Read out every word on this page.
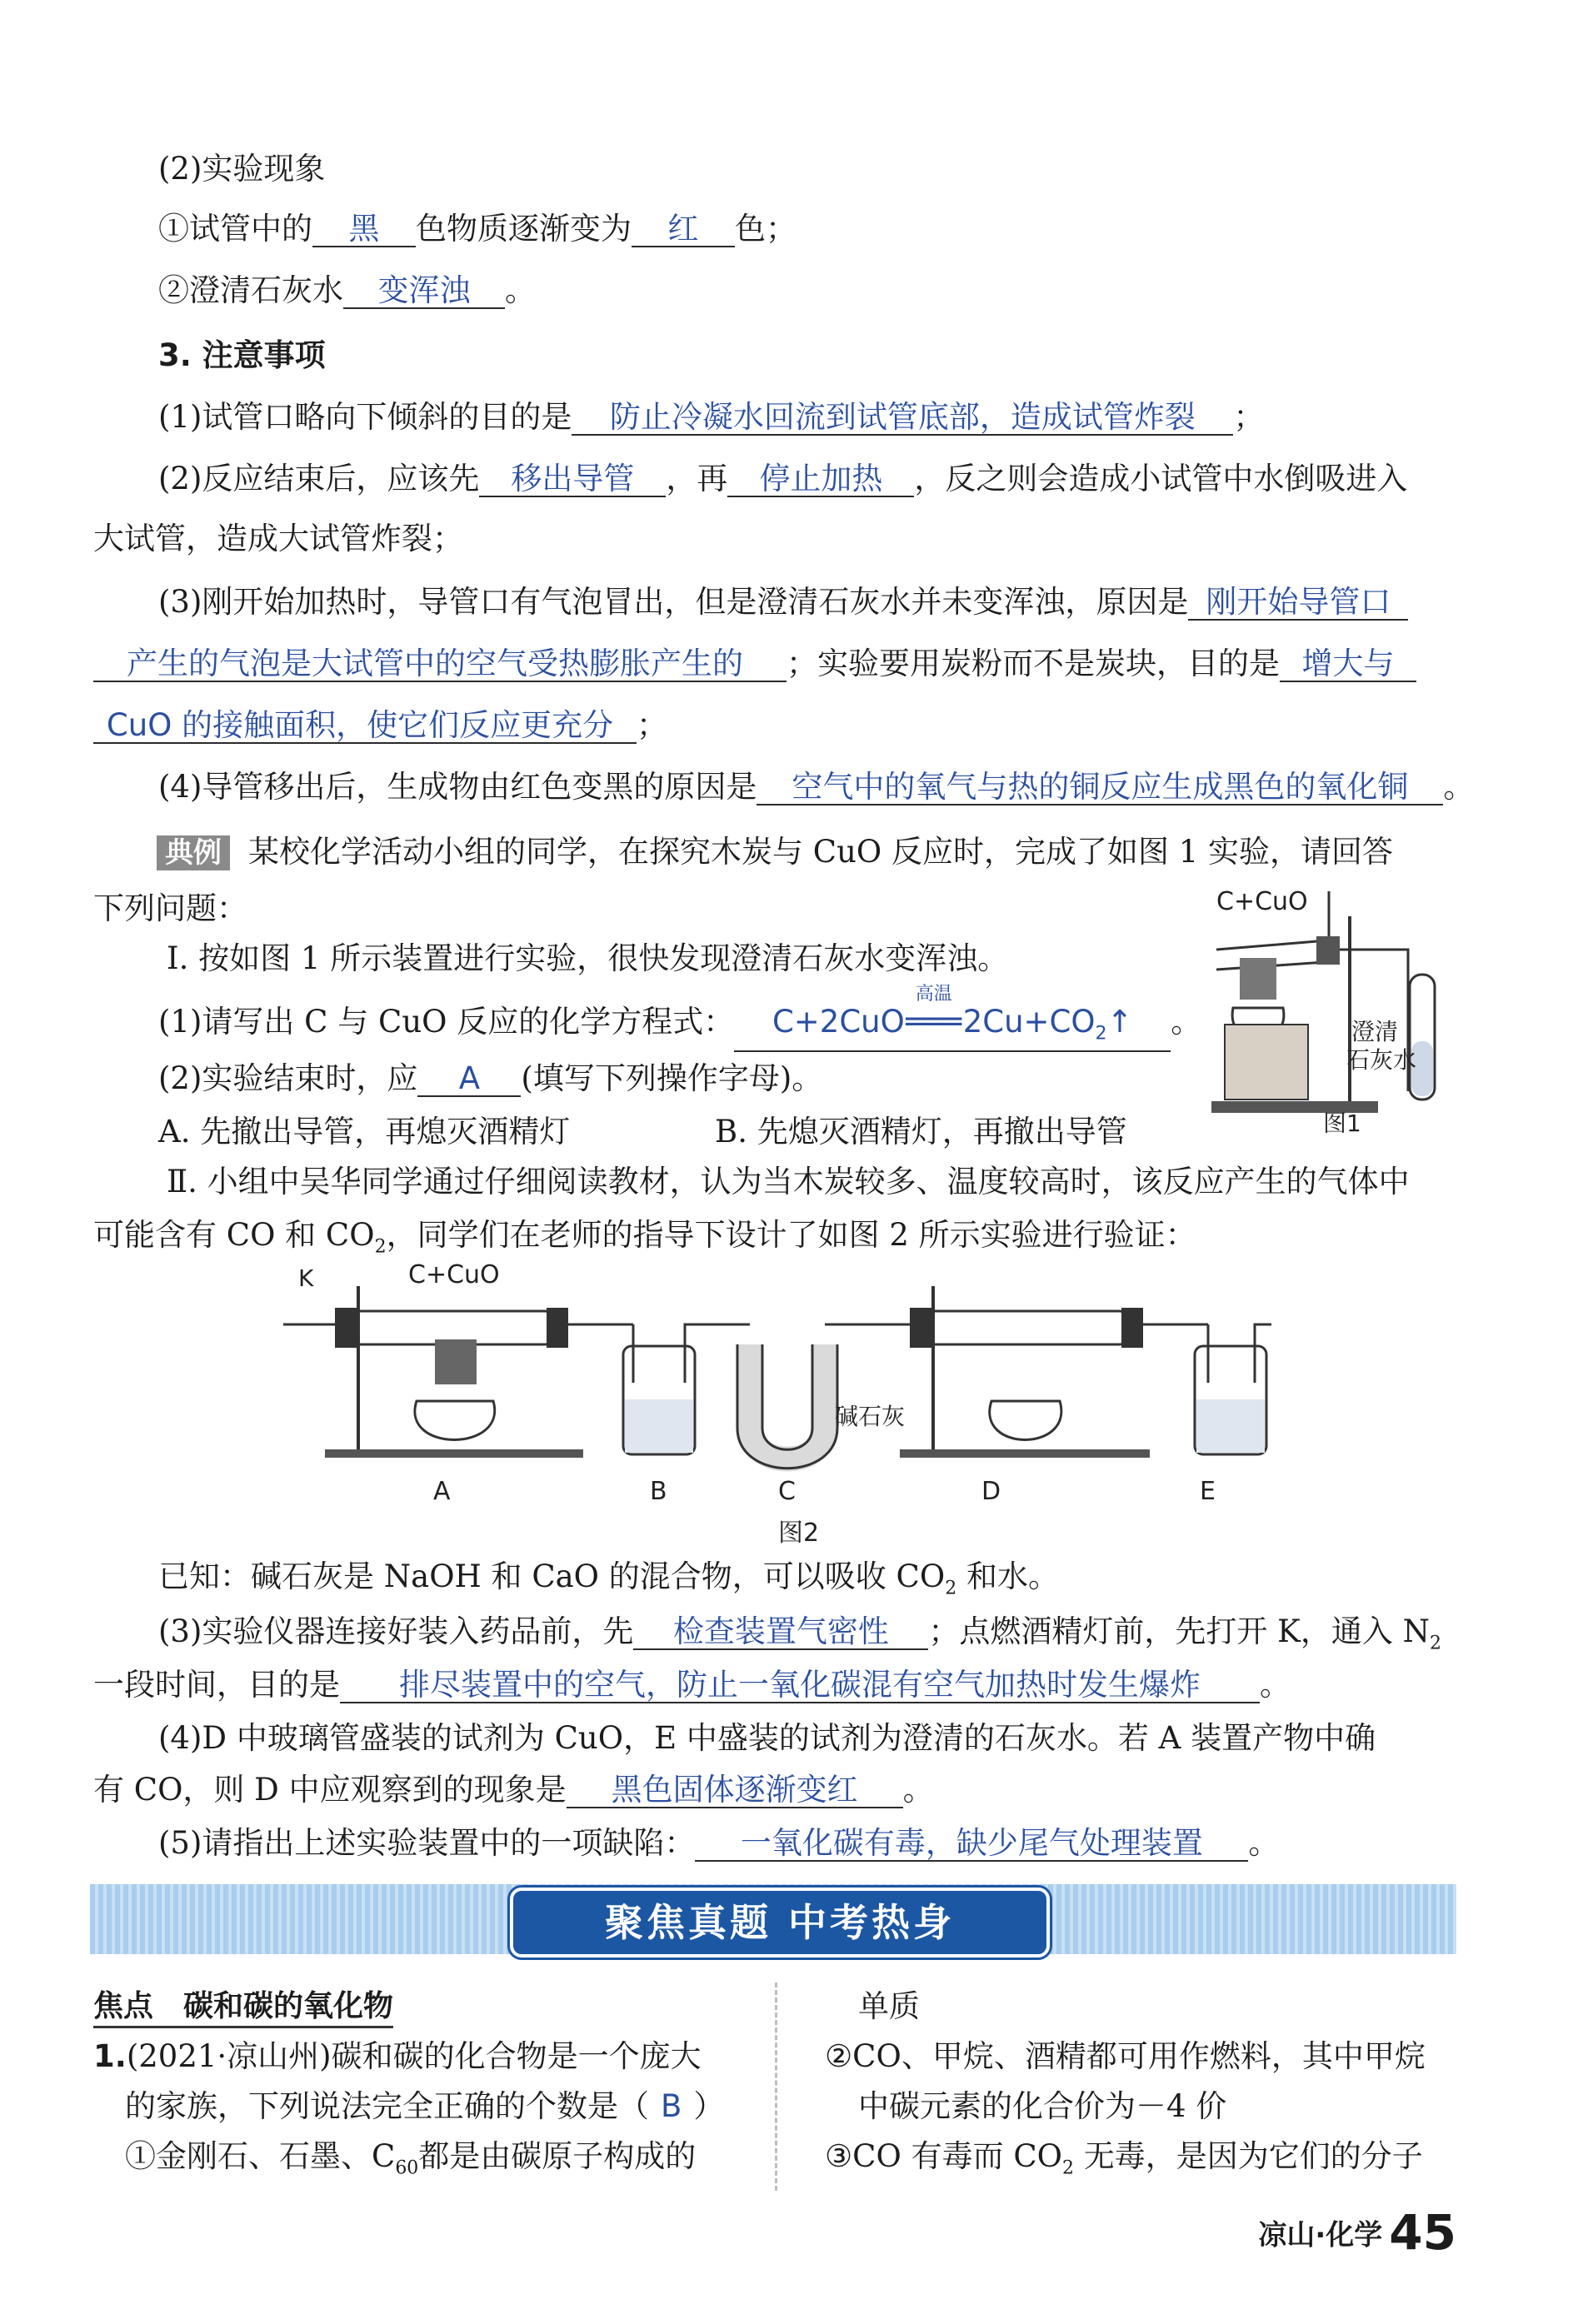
(2)实验现象
①试管中的 黑 色物质逐渐变为 红 色；
②澄清石灰水 变浑浊 。
3. 注意事项
(1)试管口略向下倾斜的目的是 防止冷凝水回流到试管底部，造成试管炸裂 ；
(2)反应结束后，应该先 移出导管 ，再 停止加热 ，反之则会造成小试管中水倒吸进入
大试管，造成大试管炸裂；
(3)刚开始加热时，导管口有气泡冒出，但是澄清石灰水并未变浑浊，原因是 刚开始导管口
产生的气泡是大试管中的空气受热膨胀产生的 ；实验要用炭粉而不是炭块，目的是 增大与
CuO 的接触面积，使它们反应更充分 ；
(4)导管移出后，生成物由红色变黑的原因是 空气中的氧气与热的铜反应生成黑色的氧化铜 。
典例 某校化学活动小组的同学，在探究木炭与 CuO 反应时，完成了如图 1 实验，请回答
下列问题：
Ⅰ. 按如图 1 所示装置进行实验，很快发现澄清石灰水变浑浊。
(1)请写出 C 与 CuO 反应的化学方程式： C+2CuO
高温
$═══2Cu+CO_2↑$ 。
(2)实验结束时，应 A (填写下列操作字母)。
A. 先撤出导管，再熄灭酒精灯	B. 先熄灭酒精灯，再撤出导管
Ⅱ. 小组中吴华同学通过仔细阅读教材，认为当木炭较多、温度较高时，该反应产生的气体中
可能含有 CO 和 $CO_2$，同学们在老师的指导下设计了如图 2 所示实验进行验证：
C+CuO
澄清
石灰水
图1
K	C+CuO
碱石灰
A	B	C	D	E
图2
已知：碱石灰是 NaOH 和 CaO 的混合物，可以吸收 $CO_2$ 和水。
(3)实验仪器连接好装入药品前，先 检查装置气密性 ；点燃酒精灯前，先打开 K，通入 $N_2$
一段时间，目的是 排尽装置中的空气，防止一氧化碳混有空气加热时发生爆炸 。
(4)D 中玻璃管盛装的试剂为 CuO，E 中盛装的试剂为澄清的石灰水。若 A 装置产物中确
有 CO，则 D 中应观察到的现象是 黑色固体逐渐变红 。
(5)请指出上述实验装置中的一项缺陷： 一氧化碳有毒，缺少尾气处理装置 。
聚焦真题 中考热身
焦点　碳和碳的氧化物
1.(2021·凉山州)碳和碳的化合物是一个庞大
的家族，下列说法完全正确的个数是（ B ）
①金刚石、石墨、$C_{60}$都是由碳原子构成的
单质
②CO、甲烷、酒精都可用作燃料，其中甲烷
中碳元素的化合价为－4 价
③CO 有毒而 $CO_2$ 无毒，是因为它们的分子
凉山·化学 45
